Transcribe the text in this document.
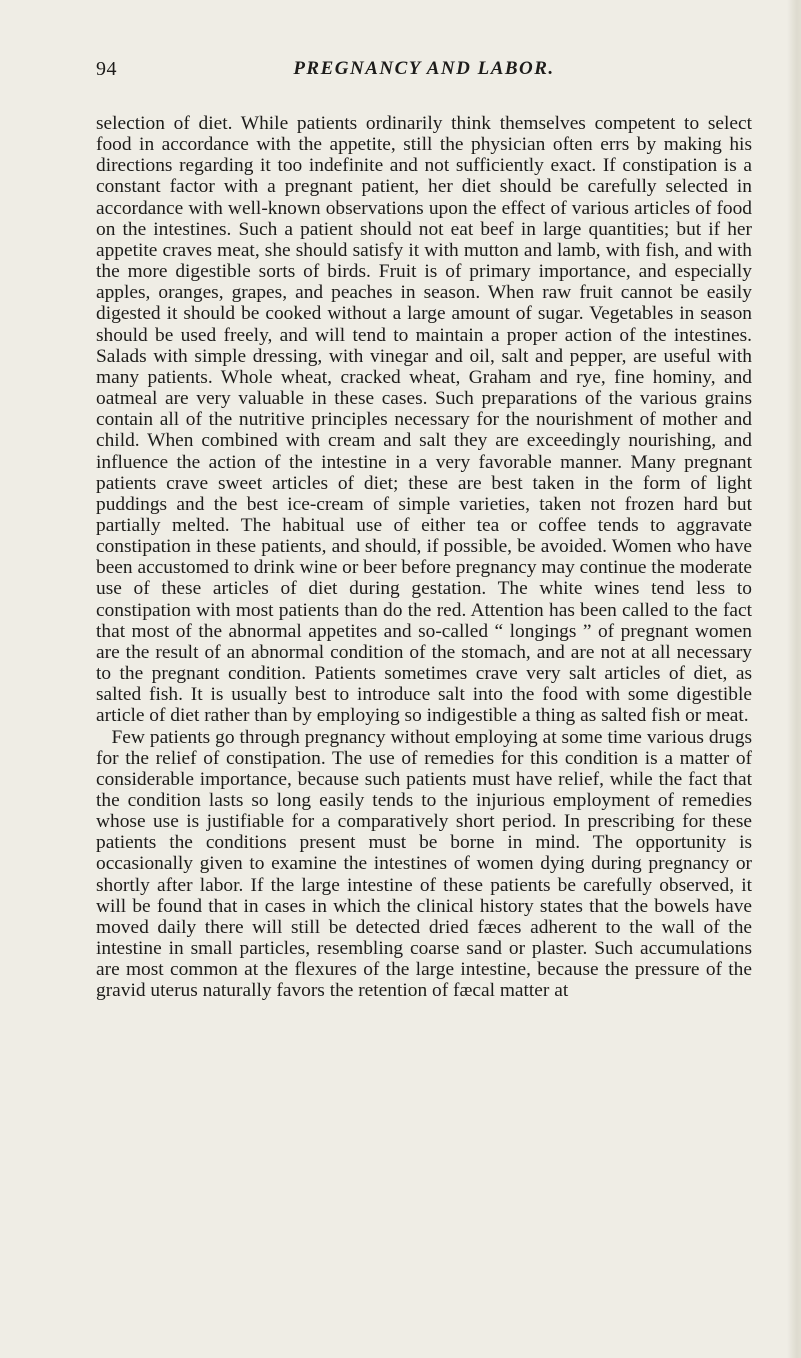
94	PREGNANCY AND LABOR.

selection of diet. While patients ordinarily think themselves competent to select food in accordance with the appetite, still the physician often errs by making his directions regarding it too indefinite and not sufficiently exact. If constipation is a constant factor with a pregnant patient, her diet should be carefully selected in accordance with well-known observations upon the effect of various articles of food on the intestines. Such a patient should not eat beef in large quantities; but if her appetite craves meat, she should satisfy it with mutton and lamb, with fish, and with the more digestible sorts of birds. Fruit is of primary importance, and especially apples, oranges, grapes, and peaches in season. When raw fruit cannot be easily digested it should be cooked without a large amount of sugar. Vegetables in season should be used freely, and will tend to maintain a proper action of the intestines. Salads with simple dressing, with vinegar and oil, salt and pepper, are useful with many patients. Whole wheat, cracked wheat, Graham and rye, fine hominy, and oatmeal are very valuable in these cases. Such preparations of the various grains contain all of the nutritive principles necessary for the nourishment of mother and child. When combined with cream and salt they are exceedingly nourishing, and influence the action of the intestine in a very favorable manner. Many pregnant patients crave sweet articles of diet; these are best taken in the form of light puddings and the best ice-cream of simple varieties, taken not frozen hard but partially melted. The habitual use of either tea or coffee tends to aggravate constipation in these patients, and should, if possible, be avoided. Women who have been accustomed to drink wine or beer before pregnancy may continue the moderate use of these articles of diet during gestation. The white wines tend less to constipation with most patients than do the red. Attention has been called to the fact that most of the abnormal appetites and so-called “ longings ” of pregnant women are the result of an abnormal condition of the stomach, and are not at all necessary to the pregnant condition. Patients sometimes crave very salt articles of diet, as salted fish. It is usually best to introduce salt into the food with some digestible article of diet rather than by employing so indigestible a thing as salted fish or meat.

Few patients go through pregnancy without employing at some time various drugs for the relief of constipation. The use of remedies for this condition is a matter of considerable importance, because such patients must have relief, while the fact that the condition lasts so long easily tends to the injurious employment of remedies whose use is justifiable for a comparatively short period. In prescribing for these patients the conditions present must be borne in mind. The opportunity is occasionally given to examine the intestines of women dying during pregnancy or shortly after labor. If the large intestine of these patients be carefully observed, it will be found that in cases in which the clinical history states that the bowels have moved daily there will still be detected dried fæces adherent to the wall of the intestine in small particles, resembling coarse sand or plaster. Such accumulations are most common at the flexures of the large intestine, because the pressure of the gravid uterus naturally favors the retention of fæcal matter at
